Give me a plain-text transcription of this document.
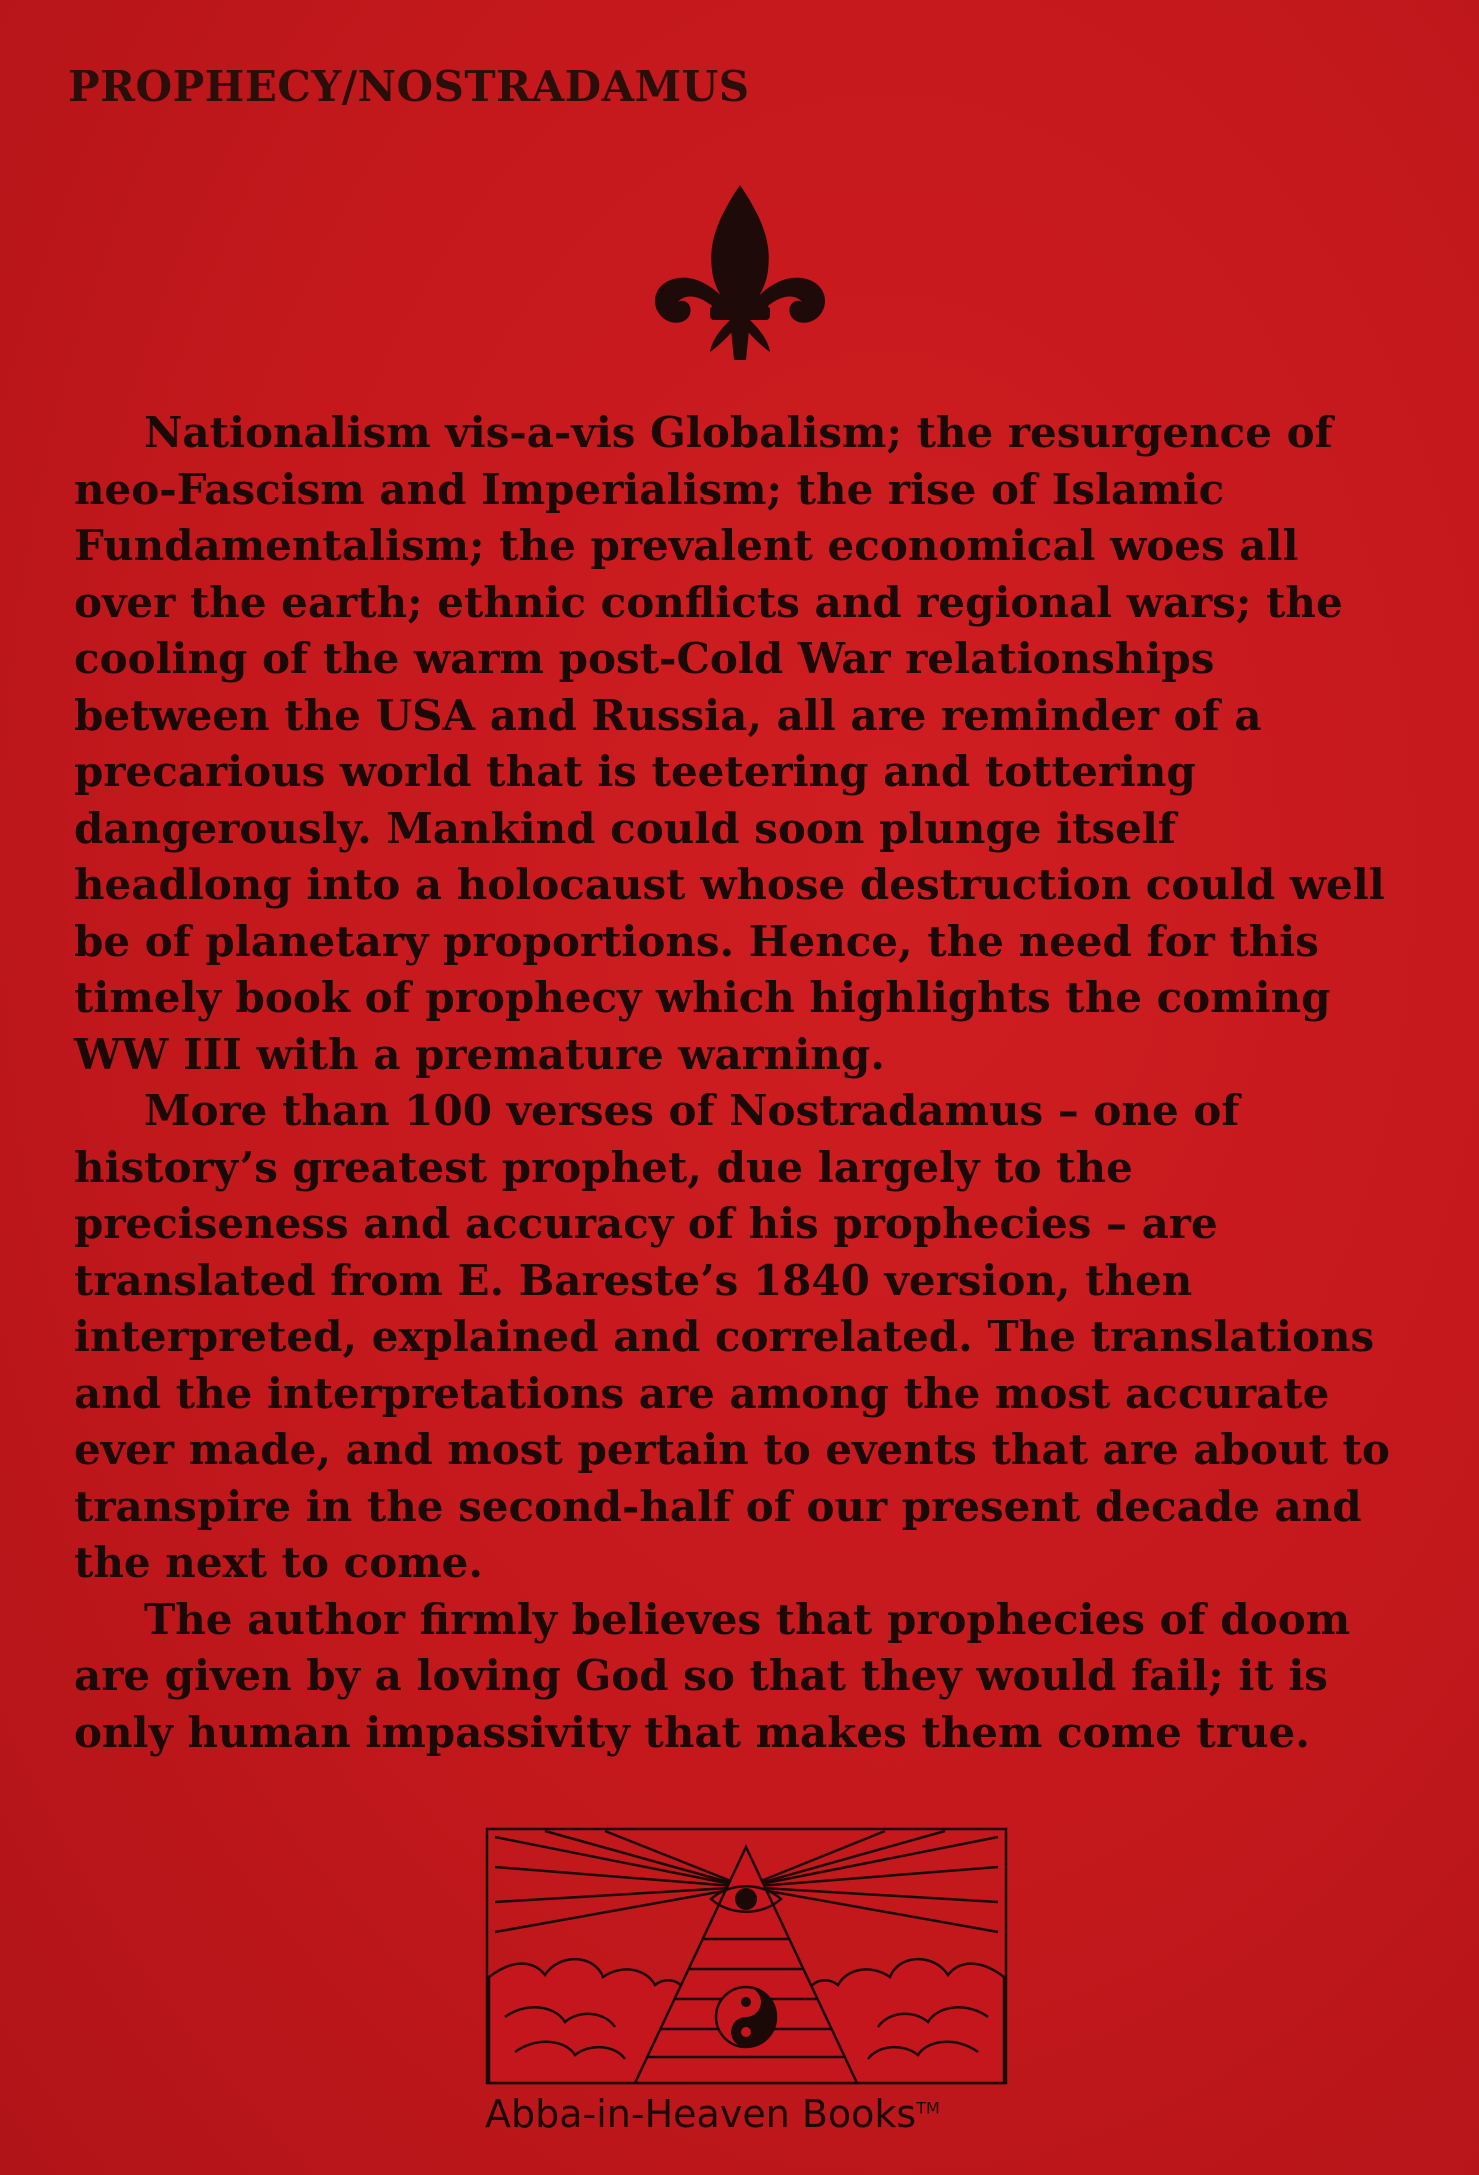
PROPHECY/NOSTRADAMUS

Nationalism vis-a-vis Globalism; the resurgence of neo-Fascism and Imperialism; the rise of Islamic Fundamentalism; the prevalent economical woes all over the earth; ethnic conflicts and regional wars; the cooling of the warm post-Cold War relationships between the USA and Russia, all are reminder of a precarious world that is teetering and tottering dangerously. Mankind could soon plunge itself headlong into a holocaust whose destruction could well be of planetary proportions. Hence, the need for this timely book of prophecy which highlights the coming WW III with a premature warning.

More than 100 verses of Nostradamus – one of history’s greatest prophet, due largely to the preciseness and accuracy of his prophecies – are translated from E. Bareste’s 1840 version, then interpreted, explained and correlated. The translations and the interpretations are among the most accurate ever made, and most pertain to events that are about to transpire in the second-half of our present decade and the next to come.

The author firmly believes that prophecies of doom are given by a loving God so that they would fail; it is only human impassivity that makes them come true.

Abba-in-Heaven Books™
